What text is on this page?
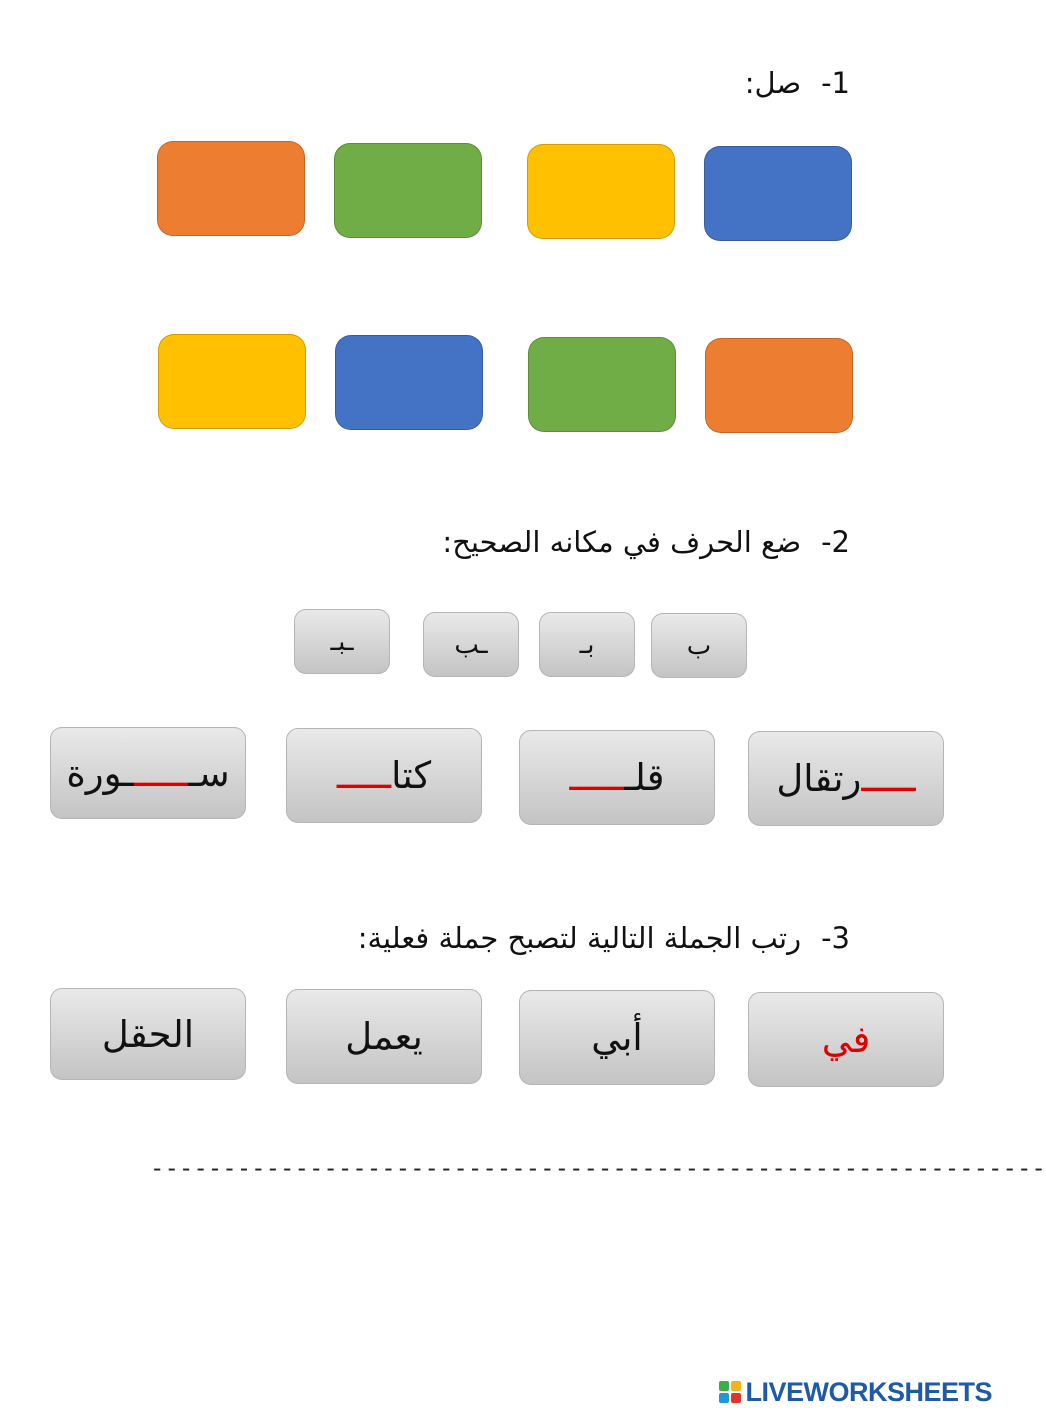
1-صل:
2-ضع الحرف في مكانه الصحيح:
ب
بـ
ـب
ـبـ
ـــــ
رتقال
قلـ
ـــــ
كتا
ـــــ
سـ
ـــــ
ـورة
3-رتب الجملة التالية لتصبح جملة فعلية:
في
أبي
يعمل
الحقل
--------------------------------------------------------------
LIVEWORKSHEETS
